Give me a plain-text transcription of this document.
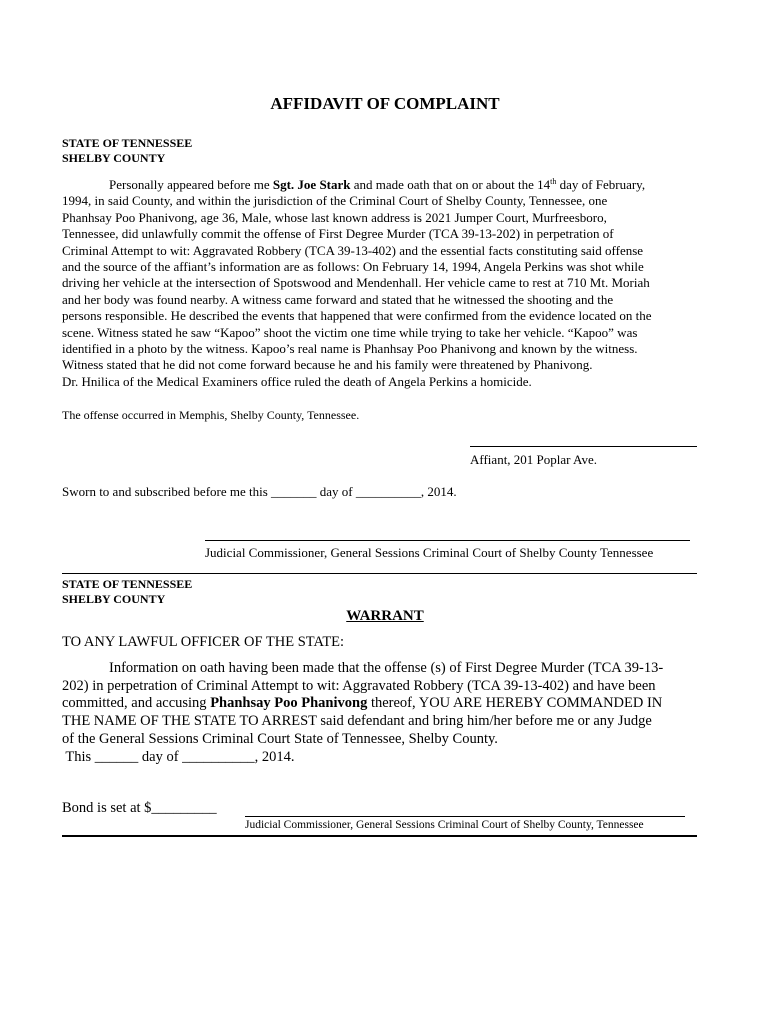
AFFIDAVIT OF COMPLAINT
STATE OF TENNESSEE
SHELBY COUNTY
Personally appeared before me Sgt. Joe Stark and made oath that on or about the 14th day of February,
1994, in said County, and within the jurisdiction of the Criminal Court of Shelby County, Tennessee, one
Phanhsay Poo Phanivong, age 36, Male, whose last known address is 2021 Jumper Court, Murfreesboro,
Tennessee, did unlawfully commit the offense of First Degree Murder (TCA 39-13-202) in perpetration of
Criminal Attempt to wit: Aggravated Robbery (TCA 39-13-402) and the essential facts constituting said offense
and the source of the affiant’s information are as follows: On February 14, 1994, Angela Perkins was shot while
driving her vehicle at the intersection of Spotswood and Mendenhall. Her vehicle came to rest at 710 Mt. Moriah
and her body was found nearby. A witness came forward and stated that he witnessed the shooting and the
persons responsible. He described the events that happened that were confirmed from the evidence located on the
scene. Witness stated he saw “Kapoo” shoot the victim one time while trying to take her vehicle. “Kapoo” was
identified in a photo by the witness. Kapoo’s real name is Phanhsay Poo Phanivong and known by the witness.
Witness stated that he did not come forward because he and his family were threatened by Phanivong.
Dr. Hnilica of the Medical Examiners office ruled the death of Angela Perkins a homicide.
The offense occurred in Memphis, Shelby County, Tennessee.
Affiant, 201 Poplar Ave.
Sworn to and subscribed before me this _______ day of __________, 2014.
Judicial Commissioner, General Sessions Criminal Court of Shelby County Tennessee
STATE OF TENNESSEE
SHELBY COUNTY
WARRANT
TO ANY LAWFUL OFFICER OF THE STATE:
Information on oath having been made that the offense (s) of First Degree Murder (TCA 39-13-
202) in perpetration of Criminal Attempt to wit: Aggravated Robbery (TCA 39-13-402) and have been
committed, and accusing Phanhsay Poo Phanivong thereof, YOU ARE HEREBY COMMANDED IN
THE NAME OF THE STATE TO ARREST said defendant and bring him/her before me or any Judge
of the General Sessions Criminal Court State of Tennessee, Shelby County.
This ______ day of __________, 2014.
Bond is set at $_________
Judicial Commissioner, General Sessions Criminal Court of Shelby County, Tennessee
